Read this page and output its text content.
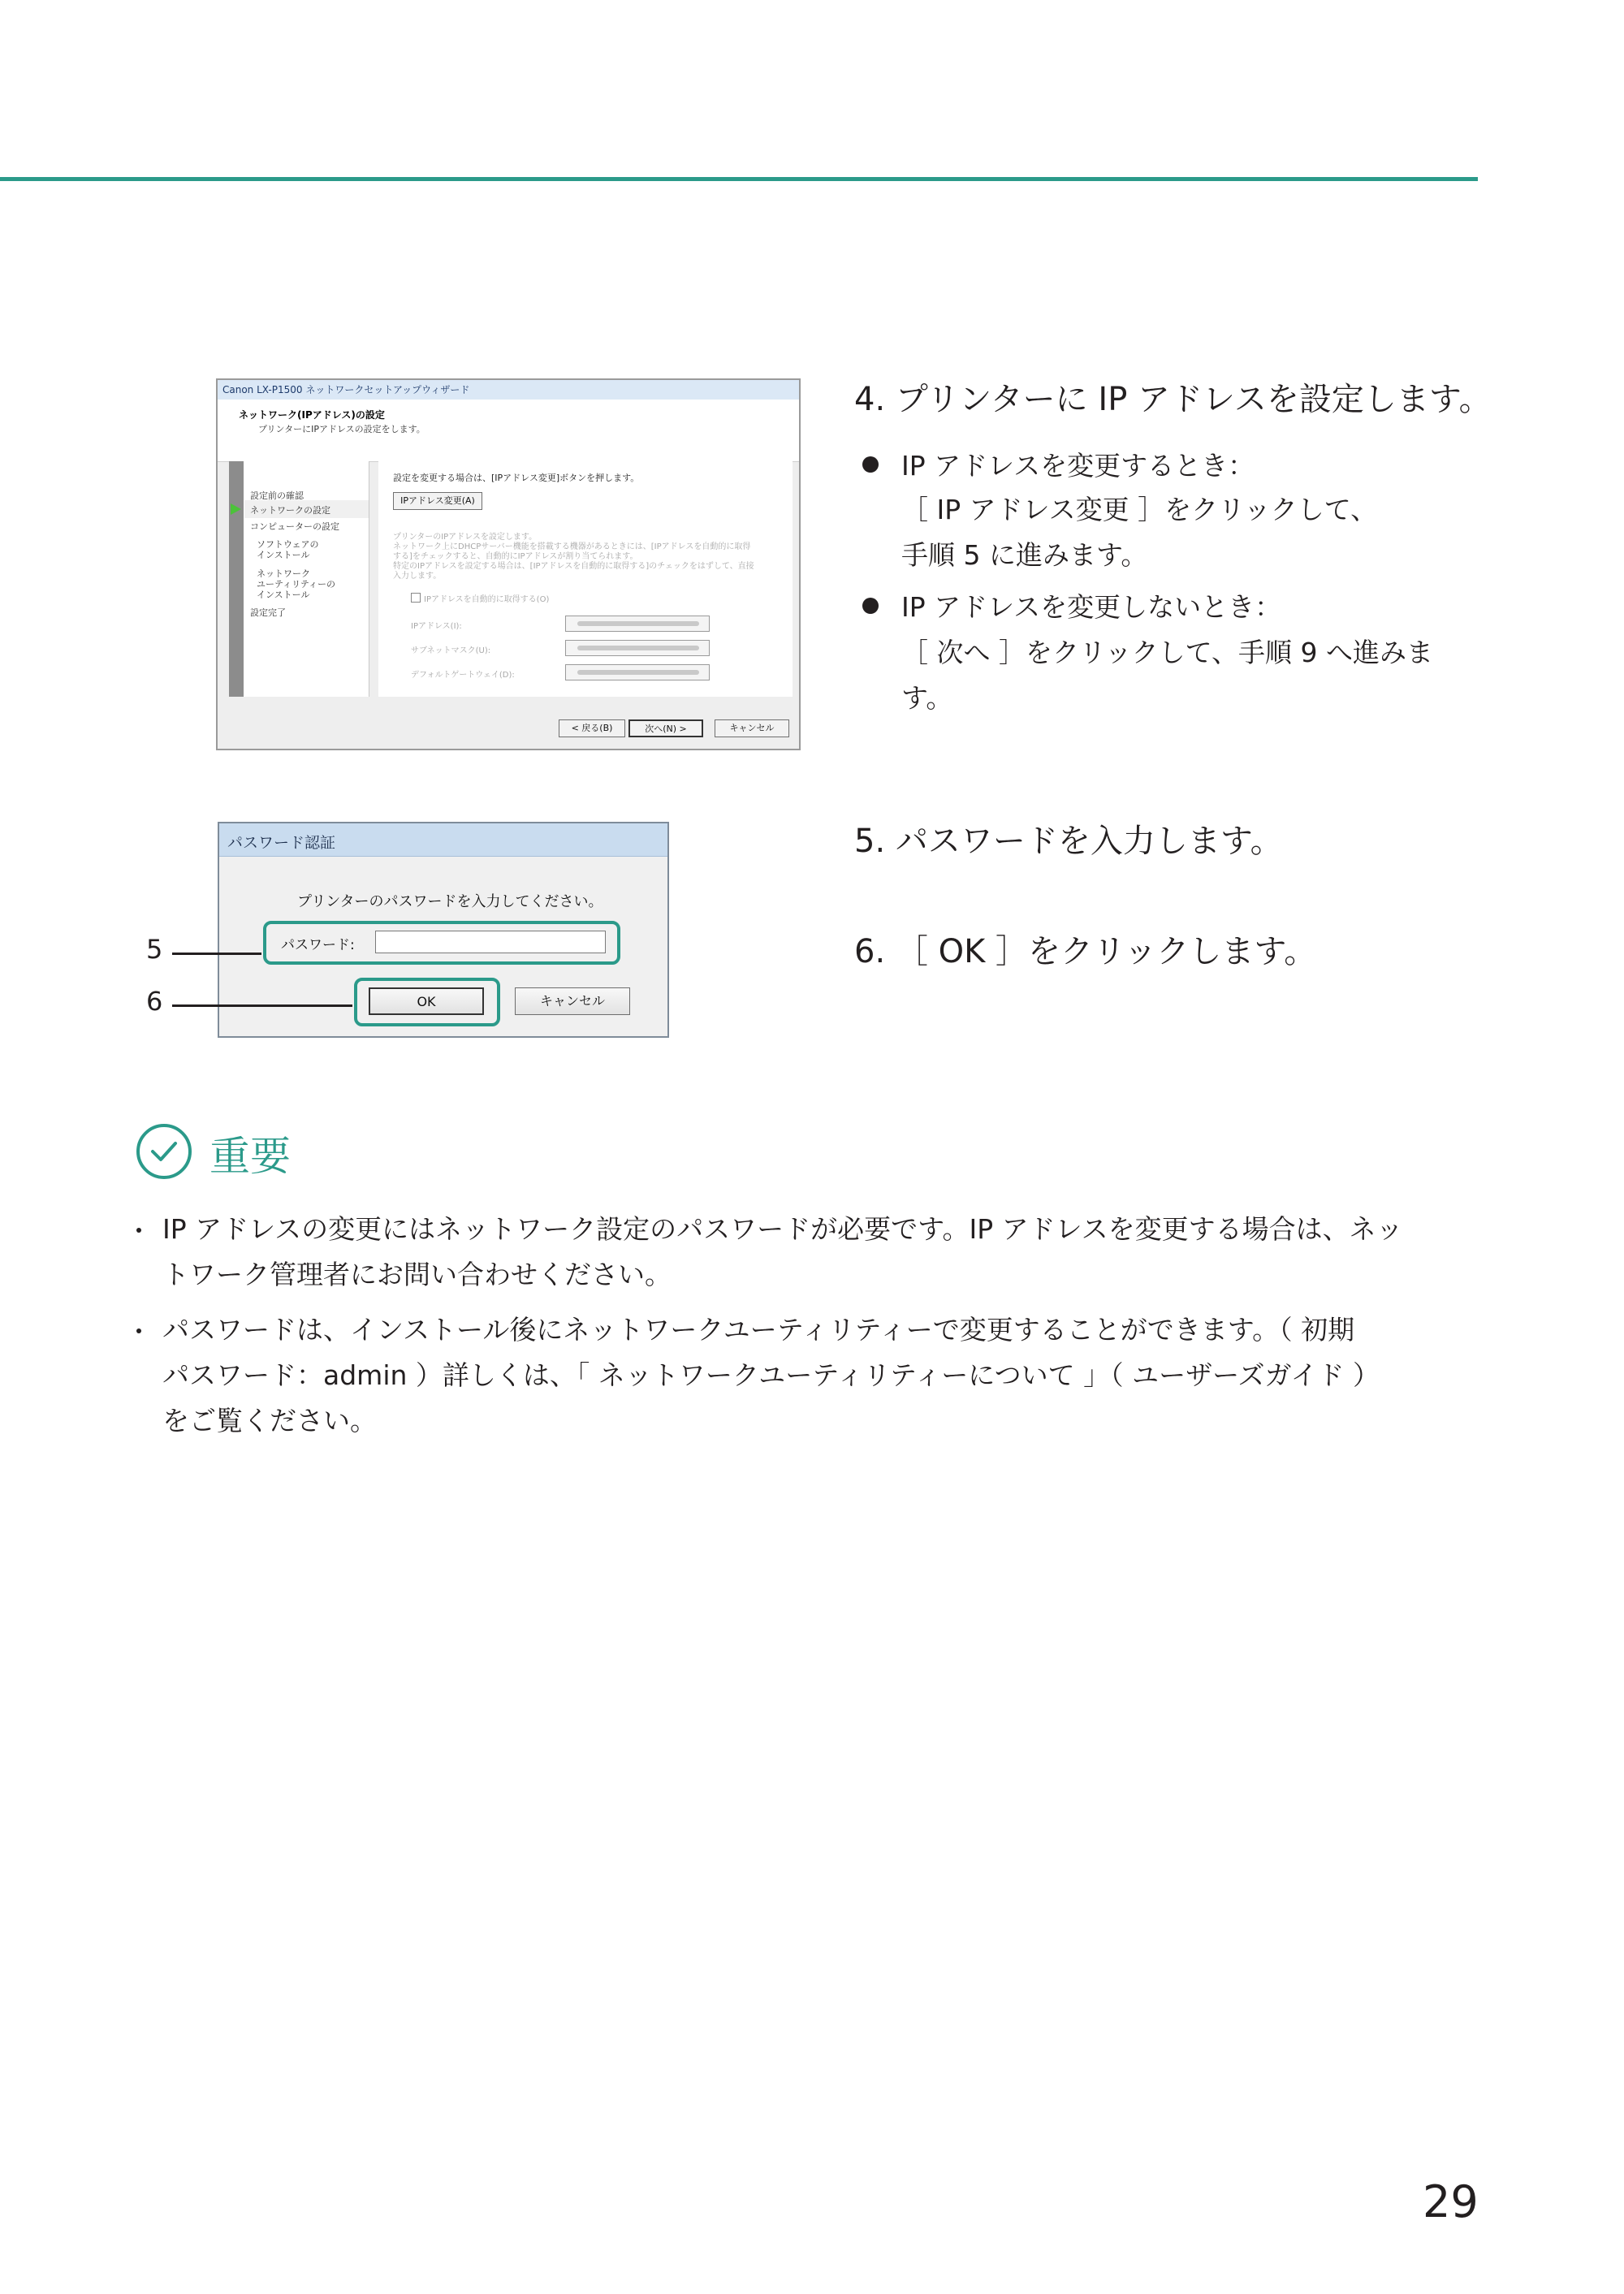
Canon LX-P1500 ネットワークセットアップウィザード
ネットワーク(IPアドレス)の設定
プリンターにIPアドレスの設定をします。
設定前の確認
ネットワークの設定
コンピューターの設定
ソフトウェアの
インストール
ネットワーク
ユーティリティーの
インストール
設定完了
設定を変更する場合は、[IPアドレス変更]ボタンを押します。
IPアドレス変更(A)
プリンターのIPアドレスを設定します。
ネットワーク上にDHCPサーバー機能を搭載する機器があるときには、[IPアドレスを自動的に取得
する]をチェックすると、自動的にIPアドレスが割り当てられます。
特定のIPアドレスを設定する場合は、[IPアドレスを自動的に取得する]のチェックをはずして、直接
入力します。
IPアドレスを自動的に取得する(O)
IPアドレス(I):
サブネットマスク(U):
デフォルトゲートウェイ(D):
< 戻る(B)	次へ(N) >	キャンセル
パスワード認証
プリンターのパスワードを入力してください。
パスワード:
OK	キャンセル
5
6
4. プリンターに IP アドレスを設定します。
IP アドレスを変更するとき：
［ IP アドレス変更 ］をクリックして、
手順 5 に進みます。
IP アドレスを変更しないとき：
［ 次へ ］をクリックして、手順 9 へ進みま
す。
5. パスワードを入力します。
6. ［ OK ］をクリックします。
重要
IP アドレスの変更にはネットワーク設定のパスワードが必要です。IP アドレスを変更する場合は、ネッ
トワーク管理者にお問い合わせください。
パスワードは、インストール後にネットワークユーティリティーで変更することができます。（ 初期
パスワード：admin ）詳しくは、「 ネットワークユーティリティーについて 」（ ユーザーズガイド ）
をご覧ください。
29
